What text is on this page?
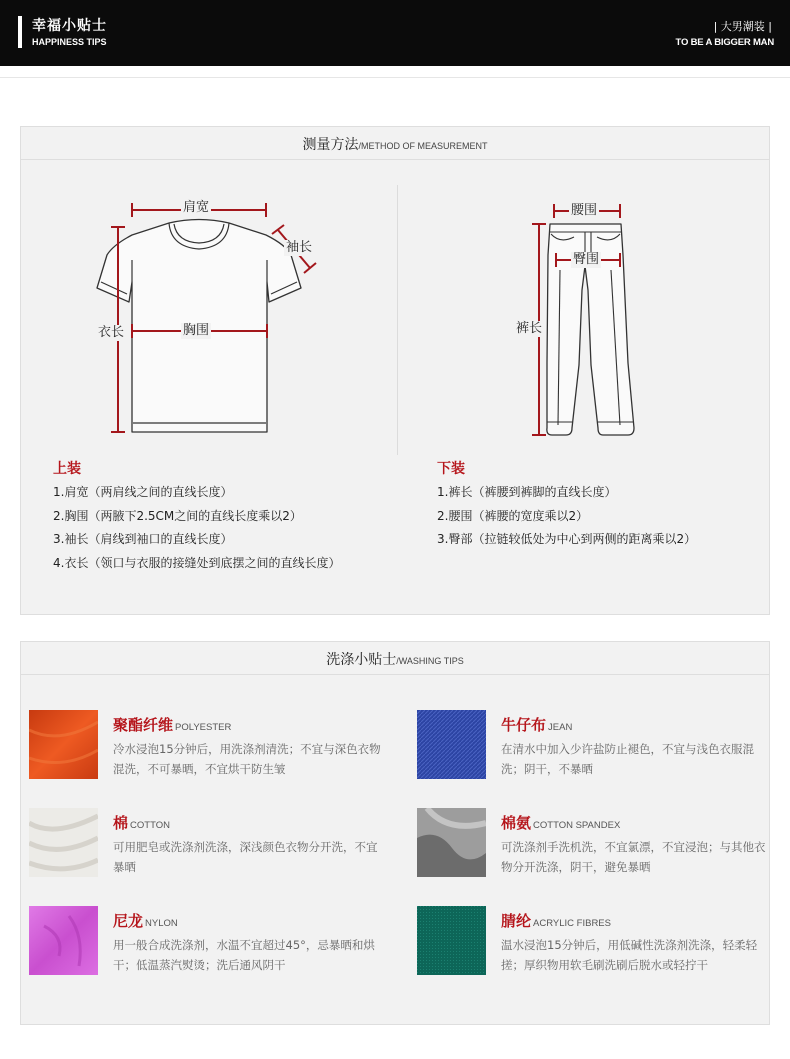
幸福小贴士
HAPPINESS TIPS
| 大男潮装 |
TO BE A BIGGER MAN
测量方法/METHOD OF MEASUREMENT
肩宽
袖长
衣长	胸围
腰围
臀围
裤长
上装
1.肩宽（两肩线之间的直线长度）
2.胸围（两腋下2.5CM之间的直线长度乘以2）
3.袖长（肩线到袖口的直线长度）
4.衣长（领口与衣服的接缝处到底摆之间的直线长度）
下装
1.裤长（裤腰到裤脚的直线长度）
2.腰围（裤腰的宽度乘以2）
3.臀部（拉链较低处为中心到两侧的距离乘以2）
洗涤小贴士/WASHING TIPS
聚酯纤维 POLYESTER
冷水浸泡15分钟后，用洗涤剂清洗；不宜与深色衣物混洗，不可暴晒，不宜烘干防生皱
牛仔布 JEAN
在清水中加入少许盐防止褪色，不宜与浅色衣服混洗；阴干，不暴晒
棉COTTON
可用肥皂或洗涤剂洗涤，深浅颜色衣物分开洗，不宜暴晒
棉氨 COTTON SPANDEX
可洗涤剂手洗机洗，不宜氯漂，不宜浸泡；与其他衣物分开洗涤，阴干，避免暴晒
尼龙 NYLON
用一般合成洗涤剂，水温不宜超过45°，忌暴晒和烘干；低温蒸汽熨烫；洗后通风阴干
腈纶 ACRYLIC FIBRES
温水浸泡15分钟后，用低碱性洗涤剂洗涤，轻柔轻搓；厚织物用软毛刷洗刷后脱水或轻拧干
